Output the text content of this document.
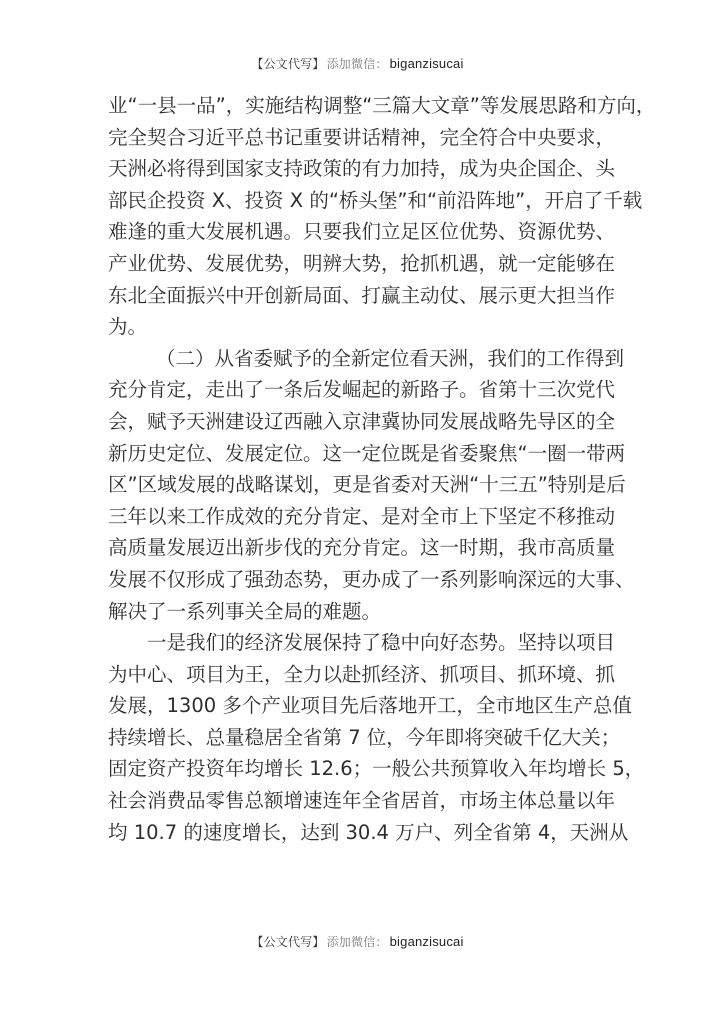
【公文代写】 添加微信： biganzisucai
业“一县一品”，实施结构调整“三篇大文章”等发展思路和方向，
完全契合习近平总书记重要讲话精神，完全符合中央要求，
天洲必将得到国家支持政策的有力加持，成为央企国企、头
部民企投资 X、投资 X 的“桥头堡”和“前沿阵地”，开启了千载
难逢的重大发展机遇。只要我们立足区位优势、资源优势、
产业优势、发展优势，明辨大势，抢抓机遇，就一定能够在
东北全面振兴中开创新局面、打赢主动仗、展示更大担当作
为。
（二）从省委赋予的全新定位看天洲，我们的工作得到
充分肯定，走出了一条后发崛起的新路子。省第十三次党代
会，赋予天洲建设辽西融入京津冀协同发展战略先导区的全
新历史定位、发展定位。这一定位既是省委聚焦“一圈一带两
区”区域发展的战略谋划，更是省委对天洲“十三五”特别是后
三年以来工作成效的充分肯定、是对全市上下坚定不移推动
高质量发展迈出新步伐的充分肯定。这一时期，我市高质量
发展不仅形成了强劲态势，更办成了一系列影响深远的大事、
解决了一系列事关全局的难题。
一是我们的经济发展保持了稳中向好态势。坚持以项目
为中心、项目为王，全力以赴抓经济、抓项目、抓环境、抓
发展，1300 多个产业项目先后落地开工，全市地区生产总值
持续增长、总量稳居全省第 7 位，今年即将突破千亿大关；
固定资产投资年均增长 12.6；一般公共预算收入年均增长 5，
社会消费品零售总额增速连年全省居首，市场主体总量以年
均 10.7 的速度增长，达到 30.4 万户、列全省第 4，天洲从
【公文代写】 添加微信： biganzisucai
